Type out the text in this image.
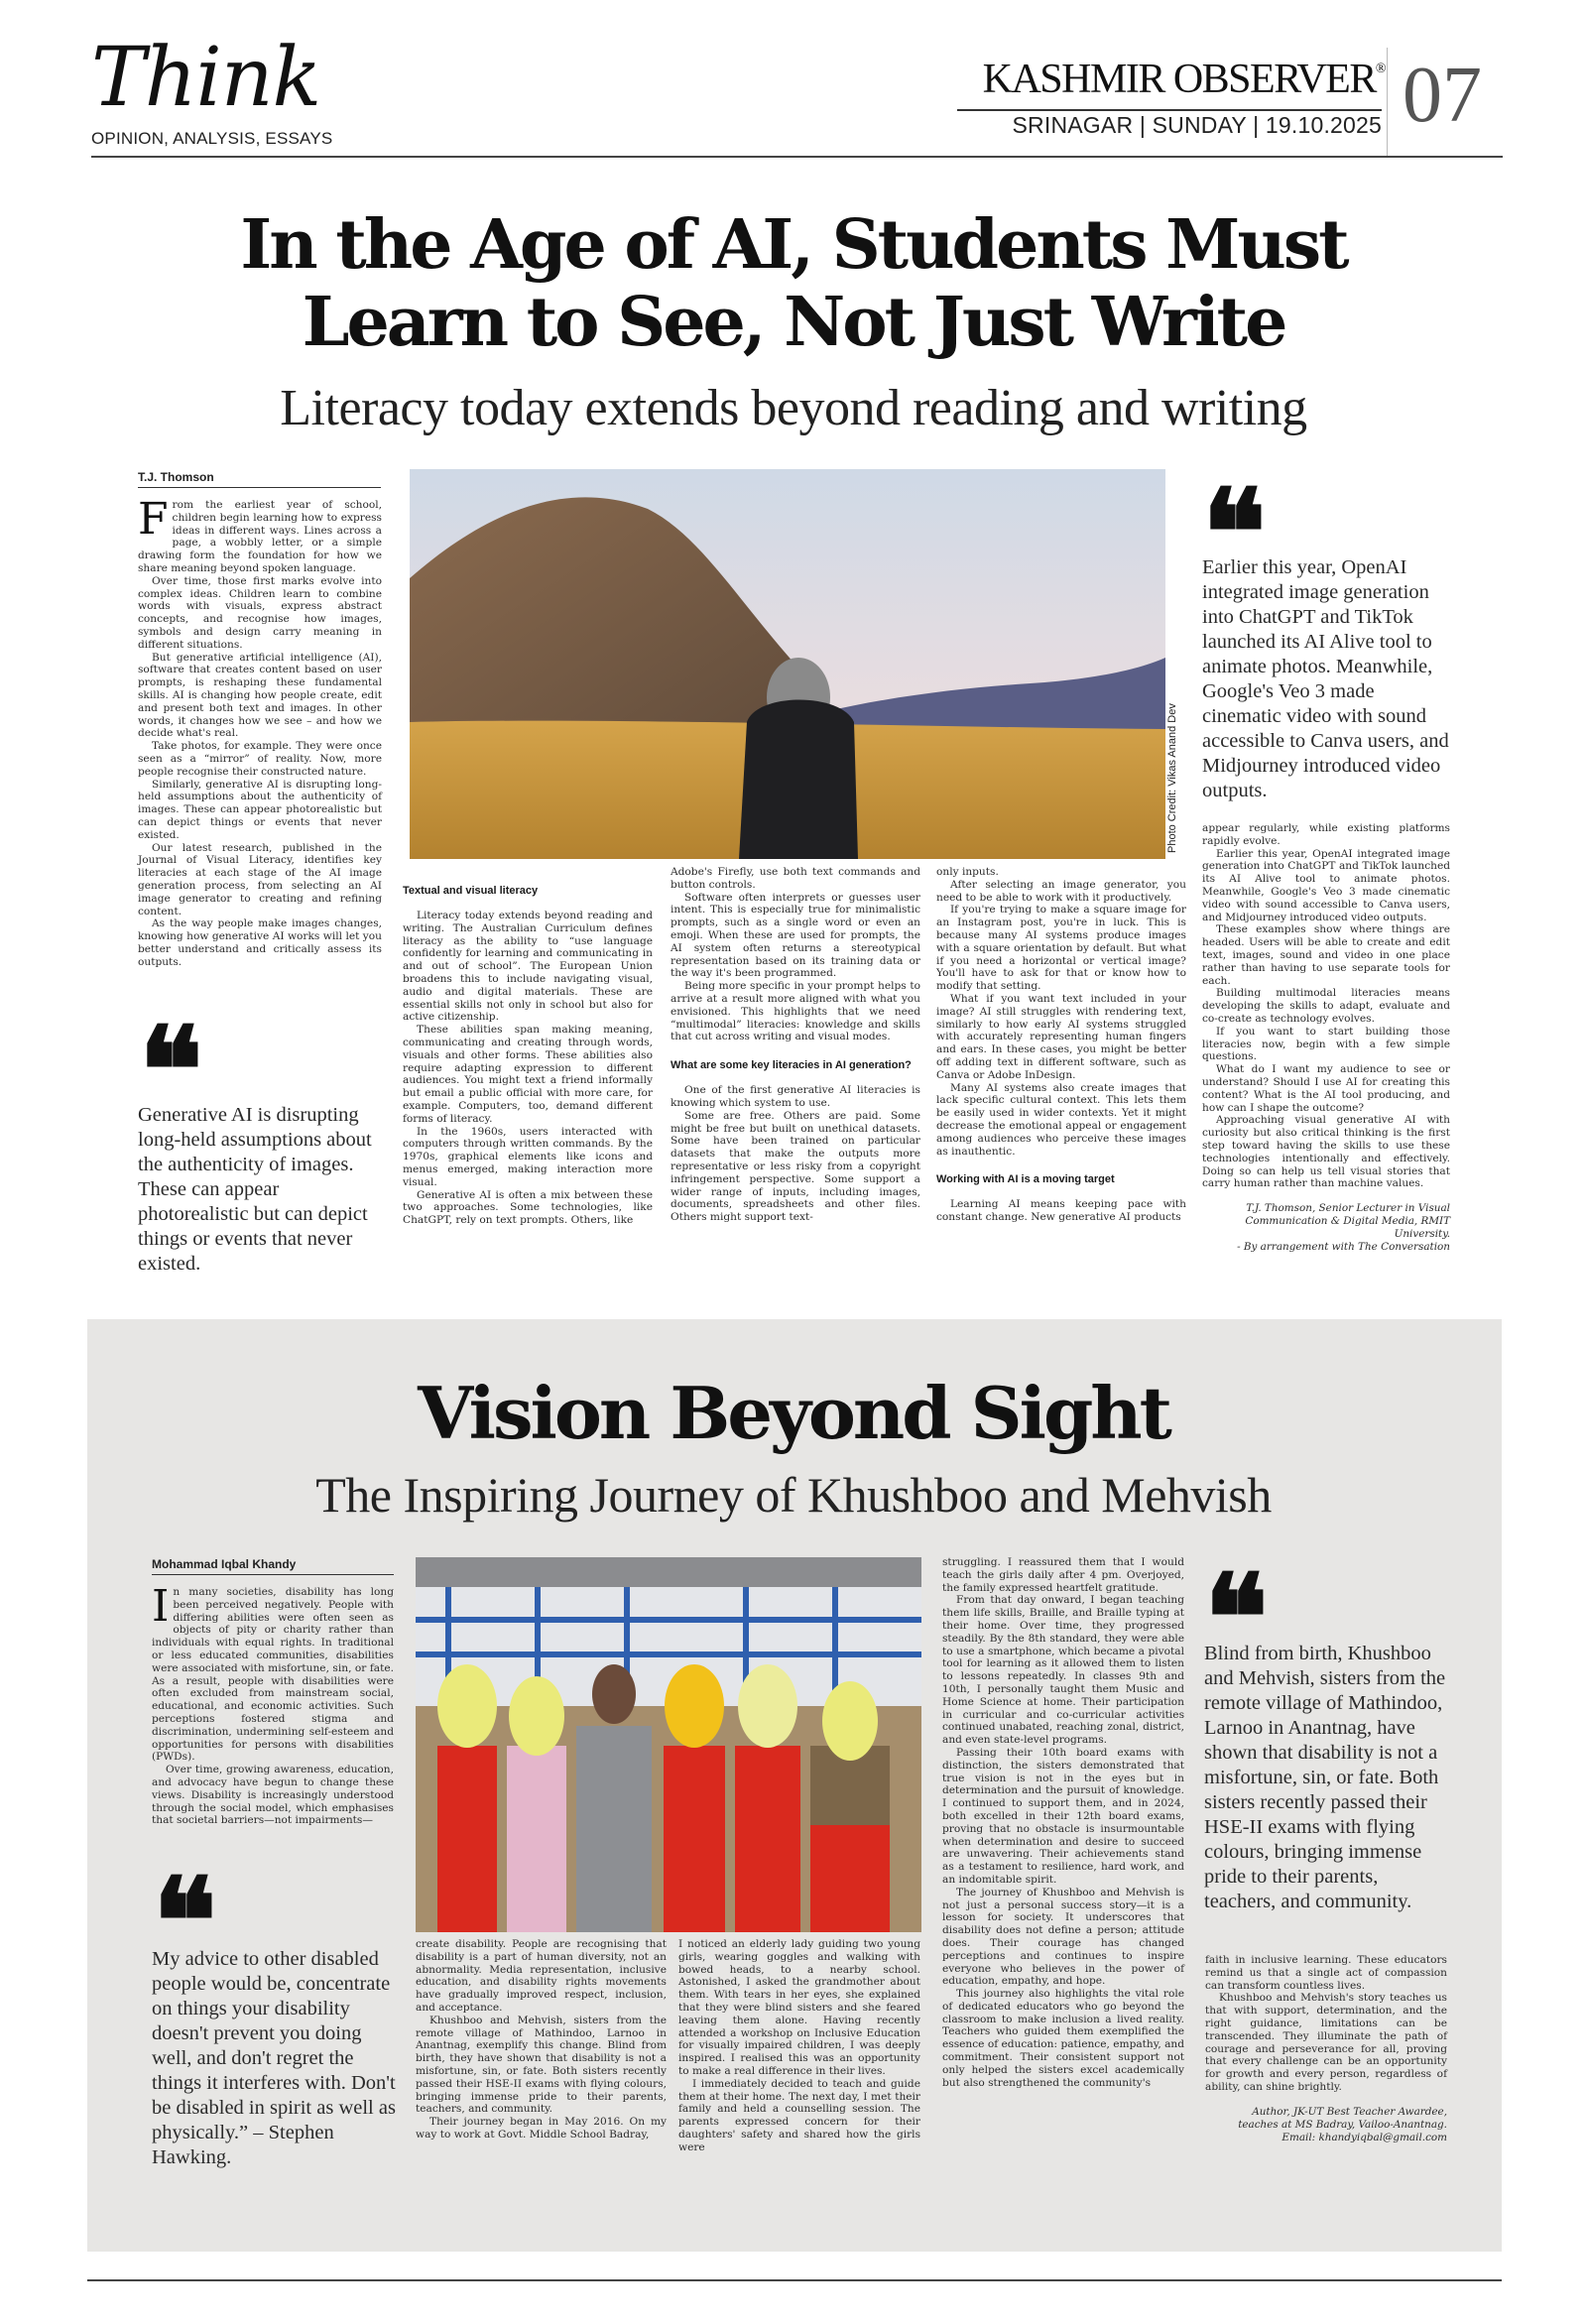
Think
OPINION, ANALYSIS, ESSAYS
KASHMIR OBSERVER®
SRINAGAR | SUNDAY | 19.10.2025 07
In the Age of AI, Students Must
Learn to See, Not Just Write
Literacy today extends beyond reading and writing
T.J. Thomson
F rom the earliest year of school, children begin learning how to express ideas in different ways. Lines across a page, a wobbly letter, or a simple drawing form the foundation for how we share meaning beyond spoken language.

Over time, those first marks evolve into complex ideas. Children learn to combine words with visuals, express abstract concepts, and recognise how images, symbols and design carry meaning in different situations.

But generative artificial intelligence (AI), software that creates content based on user prompts, is reshaping these fundamental skills. AI is changing how people create, edit and present both text and images. In other words, it changes how we see – and how we decide what's real.

Take photos, for example. They were once seen as a “mirror” of reality. Now, more people recognise their constructed nature.

Similarly, generative AI is disrupting long-held assumptions about the authenticity of images. These can appear photorealistic but can depict things or events that never existed.

Our latest research, published in the Journal of Visual Literacy, identifies key literacies at each stage of the AI image generation process, from selecting an AI image generator to creating and refining content.

As the way people make images changes, knowing how generative AI works will let you better understand and critically assess its outputs.

❝
Generative AI is disrupting long-held assumptions about the authenticity of images. These can appear photorealistic but can depict things or events that never existed.
Photo Credit: Vikas Anand Dev
Textual and visual literacy

Literacy today extends beyond reading and writing. The Australian Curriculum defines literacy as the ability to “use language confidently for learning and communicating in and out of school”. The European Union broadens this to include navigating visual, audio and digital materials. These are essential skills not only in school but also for active citizenship.

These abilities span making meaning, communicating and creating through words, visuals and other forms. These abilities also require adapting expression to different audiences. You might text a friend informally but email a public official with more care, for example. Computers, too, demand different forms of literacy.

In the 1960s, users interacted with computers through written commands. By the 1970s, graphical elements like icons and menus emerged, making interaction more visual.

Generative AI is often a mix between these two approaches. Some technologies, like ChatGPT, rely on text prompts. Others, like

Adobe's Firefly, use both text commands and button controls.

Software often interprets or guesses user intent. This is especially true for minimalistic prompts, such as a single word or even an emoji. When these are used for prompts, the AI system often returns a stereotypical representation based on its training data or the way it's been programmed.

Being more specific in your prompt helps to arrive at a result more aligned with what you envisioned. This highlights that we need “multimodal” literacies: knowledge and skills that cut across writing and visual modes.

What are some key literacies in AI generation?

One of the first generative AI literacies is knowing which system to use.

Some are free. Others are paid. Some might be free but built on unethical datasets. Some have been trained on particular datasets that make the outputs more representative or less risky from a copyright infringement perspective. Some support a wider range of inputs, including images, documents, spreadsheets and other files. Others might support text-

only inputs.

After selecting an image generator, you need to be able to work with it productively.

If you're trying to make a square image for an Instagram post, you're in luck. This is because many AI systems produce images with a square orientation by default. But what if you need a horizontal or vertical image? You'll have to ask for that or know how to modify that setting.

What if you want text included in your image? AI still struggles with rendering text, similarly to how early AI systems struggled with accurately representing human fingers and ears. In these cases, you might be better off adding text in different software, such as Canva or Adobe InDesign.

Many AI systems also create images that lack specific cultural context. This lets them be easily used in wider contexts. Yet it might decrease the emotional appeal or engagement among audiences who perceive these images as inauthentic.

Working with AI is a moving target

Learning AI means keeping pace with constant change. New generative AI products

❝
Earlier this year, OpenAI integrated image generation into ChatGPT and TikTok launched its AI Alive tool to animate photos. Meanwhile, Google's Veo 3 made cinematic video with sound accessible to Canva users, and Midjourney introduced video outputs.

appear regularly, while existing platforms rapidly evolve.

Earlier this year, OpenAI integrated image generation into ChatGPT and TikTok launched its AI Alive tool to animate photos. Meanwhile, Google's Veo 3 made cinematic video with sound accessible to Canva users, and Midjourney introduced video outputs.

These examples show where things are headed. Users will be able to create and edit text, images, sound and video in one place rather than having to use separate tools for each.

Building multimodal literacies means developing the skills to adapt, evaluate and co-create as technology evolves.

If you want to start building those literacies now, begin with a few simple questions.

What do I want my audience to see or understand? Should I use AI for creating this content? What is the AI tool producing, and how can I shape the outcome?

Approaching visual generative AI with curiosity but also critical thinking is the first step toward having the skills to use these technologies intentionally and effectively. Doing so can help us tell visual stories that carry human rather than machine values.

T.J. Thomson, Senior Lecturer in Visual
Communication & Digital Media, RMIT University.
- By arrangement with The Conversation
Vision Beyond Sight
The Inspiring Journey of Khushboo and Mehvish
Mohammad Iqbal Khandy
I n many societies, disability has long been perceived negatively. People with differing abilities were often seen as objects of pity or charity rather than individuals with equal rights. In traditional or less educated communities, disabilities were associated with misfortune, sin, or fate. As a result, people with disabilities were often excluded from mainstream social, educational, and economic activities. Such perceptions fostered stigma and discrimination, undermining self-esteem and opportunities for persons with disabilities (PWDs).

Over time, growing awareness, education, and advocacy have begun to change these views. Disability is increasingly understood through the social model, which emphasises that societal barriers—not impairments—

❝
My advice to other disabled people would be, concentrate on things your disability doesn't prevent you doing well, and don't regret the things it interferes with. Don't be disabled in spirit as well as physically.” – Stephen Hawking.

create disability. People are recognising that disability is a part of human diversity, not an abnormality. Media representation, inclusive education, and disability rights movements have gradually improved respect, inclusion, and acceptance.

Khushboo and Mehvish, sisters from the remote village of Mathindoo, Larnoo in Anantnag, exemplify this change. Blind from birth, they have shown that disability is not a misfortune, sin, or fate. Both sisters recently passed their HSE-II exams with flying colours, bringing immense pride to their parents, teachers, and community.

Their journey began in May 2016. On my way to work at Govt. Middle School Badray,

I noticed an elderly lady guiding two young girls, wearing goggles and walking with bowed heads, to a nearby school. Astonished, I asked the grandmother about them. With tears in her eyes, she explained that they were blind sisters and she feared leaving them alone. Having recently attended a workshop on Inclusive Education for visually impaired children, I was deeply inspired. I realised this was an opportunity to make a real difference in their lives.

I immediately decided to teach and guide them at their home. The next day, I met their family and held a counselling session. The parents expressed concern for their daughters' safety and shared how the girls were

struggling. I reassured them that I would teach the girls daily after 4 pm. Overjoyed, the family expressed heartfelt gratitude.

From that day onward, I began teaching them life skills, Braille, and Braille typing at their home. Over time, they progressed steadily. By the 8th standard, they were able to use a smartphone, which became a pivotal tool for learning as it allowed them to listen to lessons repeatedly. In classes 9th and 10th, I personally taught them Music and Home Science at home. Their participation in curricular and co-curricular activities continued unabated, reaching zonal, district, and even state-level programs.

Passing their 10th board exams with distinction, the sisters demonstrated that true vision is not in the eyes but in determination and the pursuit of knowledge. I continued to support them, and in 2024, both excelled in their 12th board exams, proving that no obstacle is insurmountable when determination and desire to succeed are unwavering. Their achievements stand as a testament to resilience, hard work, and an indomitable spirit.

The journey of Khushboo and Mehvish is not just a personal success story—it is a lesson for society. It underscores that disability does not define a person; attitude does. Their courage has changed perceptions and continues to inspire everyone who believes in the power of education, empathy, and hope.

This journey also highlights the vital role of dedicated educators who go beyond the classroom to make inclusion a lived reality. Teachers who guided them exemplified the essence of education: patience, empathy, and commitment. Their consistent support not only helped the sisters excel academically but also strengthened the community's

❝
Blind from birth, Khushboo and Mehvish, sisters from the remote village of Mathindoo, Larnoo in Anantnag, have shown that disability is not a misfortune, sin, or fate. Both sisters recently passed their HSE-II exams with flying colours, bringing immense pride to their parents, teachers, and community.

faith in inclusive learning. These educators remind us that a single act of compassion can transform countless lives.

Khushboo and Mehvish's story teaches us that with support, determination, and the right guidance, limitations can be transcended. They illuminate the path of courage and perseverance for all, proving that every challenge can be an opportunity for growth and every person, regardless of ability, can shine brightly.

Author, JK-UT Best Teacher Awardee,
teaches at MS Badray, Vailoo-Anantnag.
Email: khandyiqbal@gmail.com
